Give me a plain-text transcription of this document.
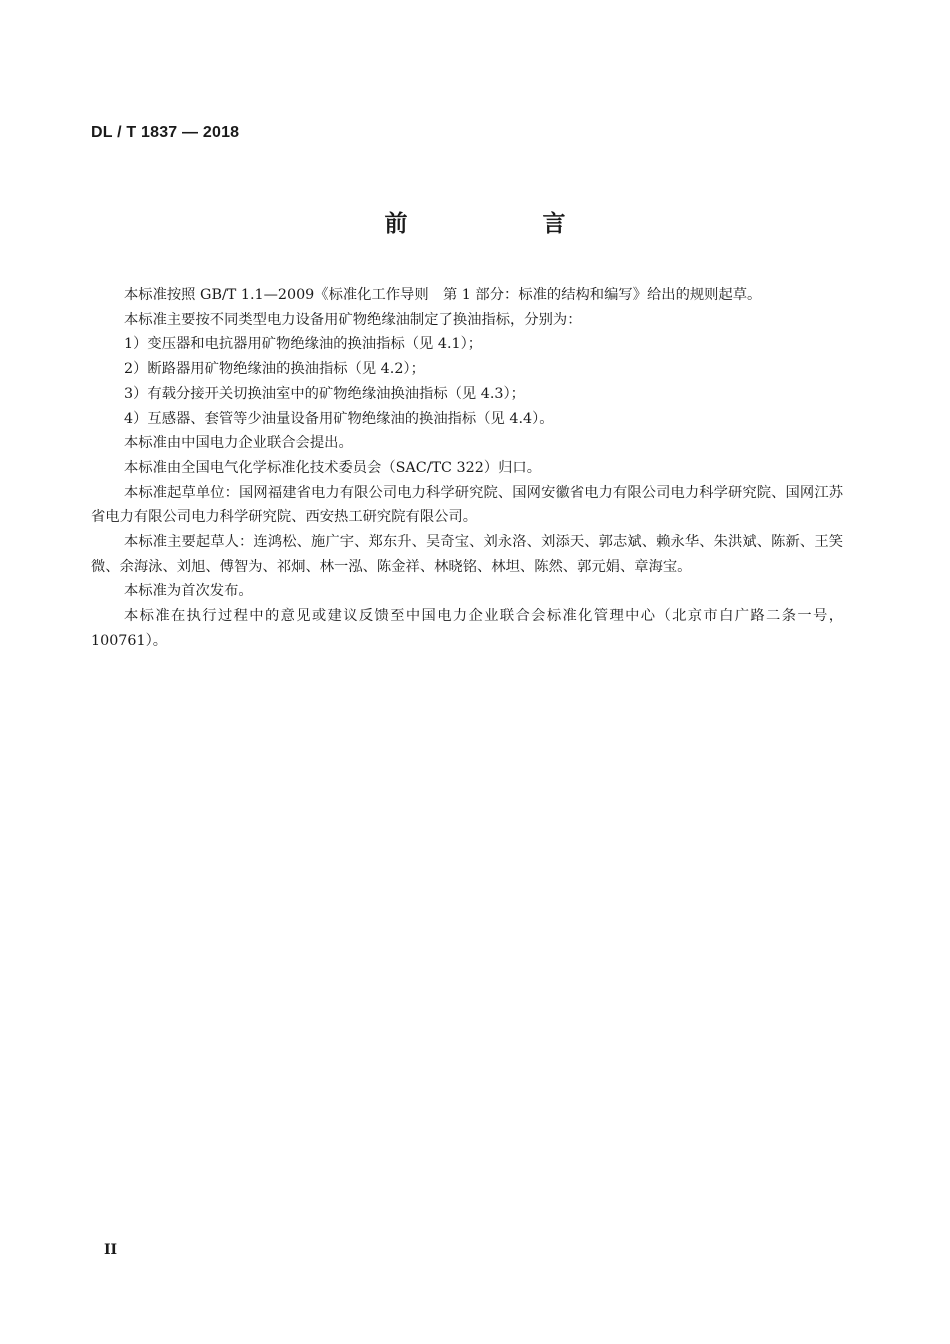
DL / T 1837 — 2018
前　言

本标准按照 GB/T 1.1—2009《标准化工作导则　第 1 部分：标准的结构和编写》给出的规则起草。

本标准主要按不同类型电力设备用矿物绝缘油制定了换油指标，分别为：

1）变压器和电抗器用矿物绝缘油的换油指标（见 4.1）；

2）断路器用矿物绝缘油的换油指标（见 4.2）；

3）有载分接开关切换油室中的矿物绝缘油换油指标（见 4.3）；

4）互感器、套管等少油量设备用矿物绝缘油的换油指标（见 4.4）。

本标准由中国电力企业联合会提出。

本标准由全国电气化学标准化技术委员会（SAC/TC 322）归口。

本标准起草单位：国网福建省电力有限公司电力科学研究院、国网安徽省电力有限公司电力科学研究院、国网江苏省电力有限公司电力科学研究院、西安热工研究院有限公司。

本标准主要起草人：连鸿松、施广宇、郑东升、吴奇宝、刘永洛、刘添天、郭志斌、赖永华、朱洪斌、陈新、王笑微、余海泳、刘旭、傅智为、祁炯、林一泓、陈金祥、林晓铭、林坦、陈然、郭元娟、章海宝。

本标准为首次发布。

本标准在执行过程中的意见或建议反馈至中国电力企业联合会标准化管理中心（北京市白广路二条一号，100761）。

II
